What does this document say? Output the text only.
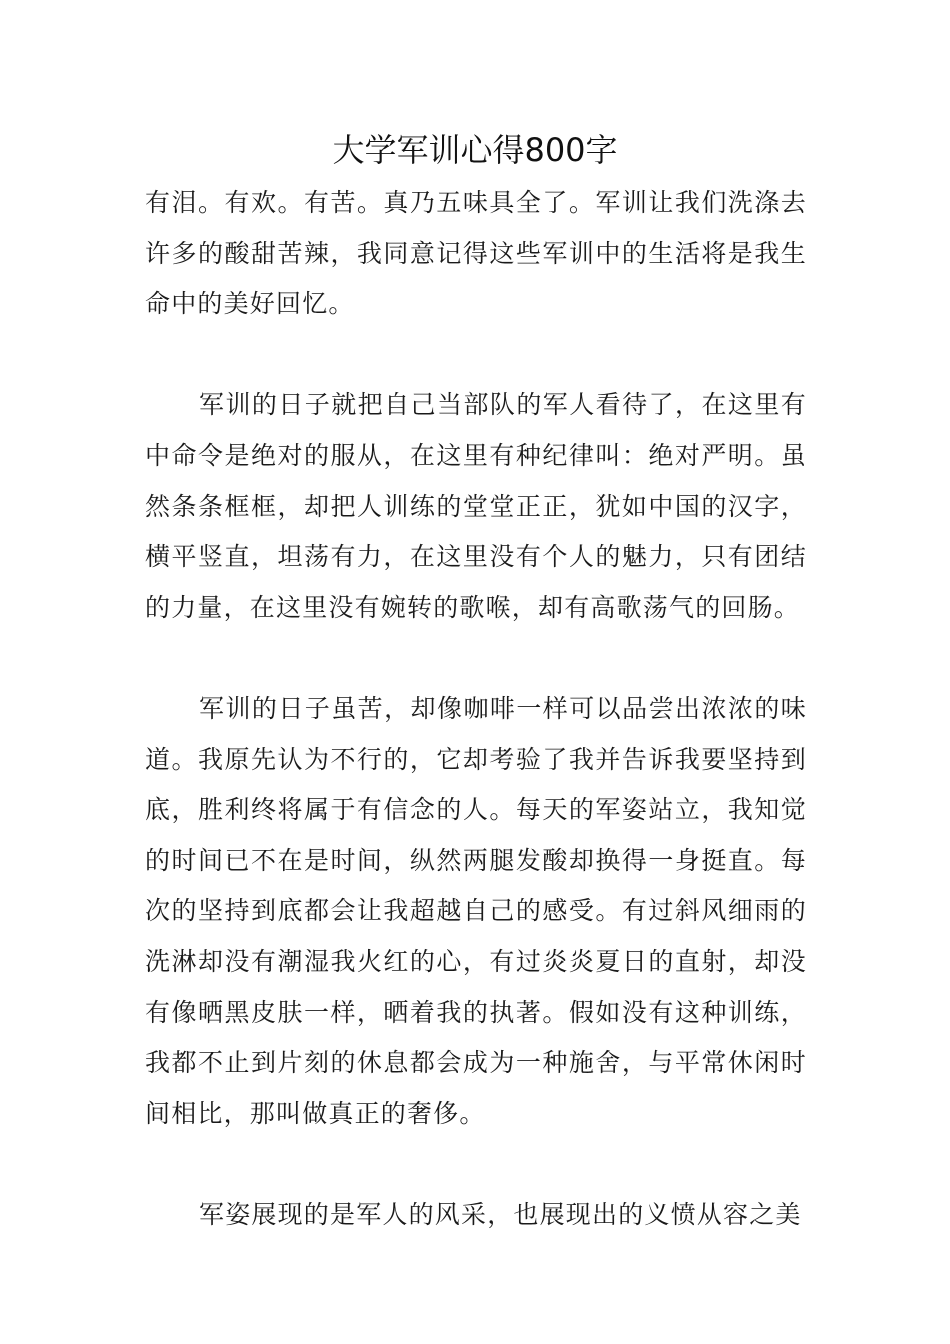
大学军训心得800字

有泪。有欢。有苦。真乃五味具全了。军训让我们洗涤去许多的酸甜苦辣，我同意记得这些军训中的生活将是我生命中的美好回忆。

军训的日子就把自己当部队的军人看待了，在这里有中命令是绝对的服从，在这里有种纪律叫：绝对严明。虽然条条框框，却把人训练的堂堂正正，犹如中国的汉字，横平竖直，坦荡有力，在这里没有个人的魅力，只有团结的力量，在这里没有婉转的歌喉，却有高歌荡气的回肠。

军训的日子虽苦，却像咖啡一样可以品尝出浓浓的味道。我原先认为不行的，它却考验了我并告诉我要坚持到底，胜利终将属于有信念的人。每天的军姿站立，我知觉的时间已不在是时间，纵然两腿发酸却换得一身挺直。每次的坚持到底都会让我超越自己的感受。有过斜风细雨的洗淋却没有潮湿我火红的心，有过炎炎夏日的直射，却没有像晒黑皮肤一样，晒着我的执著。假如没有这种训练，我都不止到片刻的休息都会成为一种施舍，与平常休闲时间相比，那叫做真正的奢侈。

军姿展现的是军人的风采，也展现出的义愤从容之美
